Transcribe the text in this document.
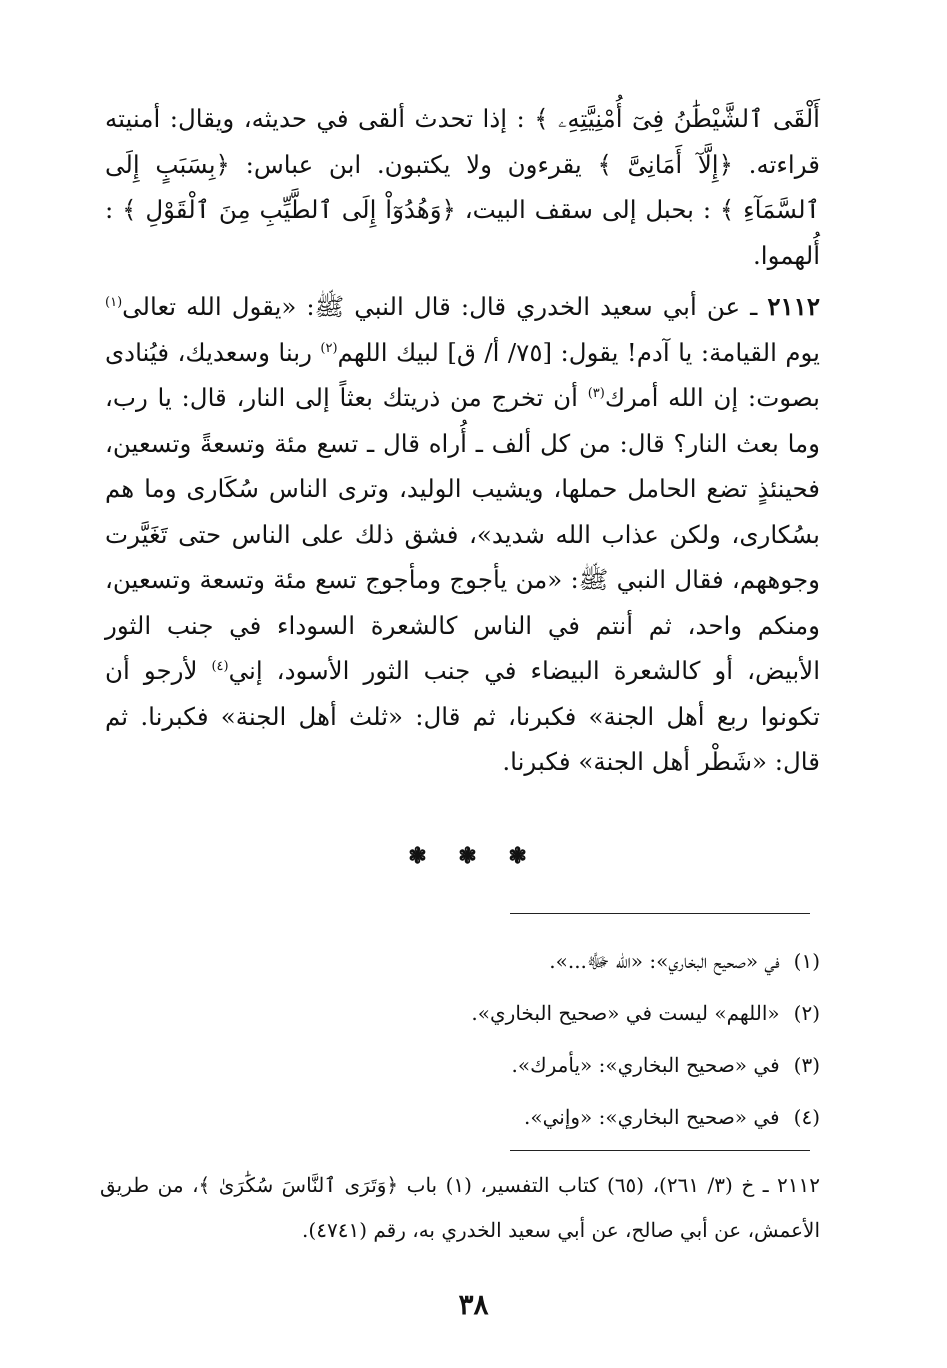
أَلْقَى ٱلشَّيْطَٰنُ فِىٓ أُمْنِيَّتِهِۦ ﴾ : إذا تحدث ألقى في حديثه، ويقال: أمنيته قراءته. ﴿إِلَّآ أَمَانِىَّ ﴾ يقرءون ولا يكتبون. ابن عباس: ﴿بِسَبَبٍ إِلَى ٱلسَّمَآءِ ﴾ : بحبل إلى سقف البيت، ﴿وَهُدُوٓاْ إِلَى ٱلطَّيِّبِ مِنَ ٱلْقَوْلِ ﴾ : أُلهموا.

٢١١٢ ـ عن أبي سعيد الخدري قال: قال النبي ﷺ: «يقول الله تعالى$^{(١)}$ يوم القيامة: يا آدم! يقول: [٧٥/ أ/ ق] لبيك اللهم$^{(٢)}$ ربنا وسعديك، فيُنادى بصوت: إن الله أمرك$^{(٣)}$ أن تخرج من ذريتك بعثاً إلى النار، قال: يا رب، وما بعث النار؟ قال: من كل ألف ـ أُراه قال ـ تسع مئة وتسعةً وتسعين، فحينئذٍ تضع الحامل حملها، ويشيب الوليد، وترى الناس سُكَارى وما هم بسُكارى، ولكن عذاب الله شديد»، فشق ذلك على الناس حتى تَغَيَّرت وجوههم، فقال النبي ﷺ: «من يأجوج ومأجوج تسع مئة وتسعة وتسعين، ومنكم واحد، ثم أنتم في الناس كالشعرة السوداء في جنب الثور الأبيض، أو كالشعرة البيضاء في جنب الثور الأسود، إني$^{(٤)}$ لأرجو أن تكونوا ربع أهل الجنة» فكبرنا، ثم قال: «ثلث أهل الجنة» فكبرنا. ثم قال: «شَطْر أهل الجنة» فكبرنا.

❃ ❃ ❃
(١)في «صحيح البخاري»: «الله ﷻ...».
(٢)«اللهم» ليست في «صحيح البخاري».
(٣)في «صحيح البخاري»: «يأمرك».
(٤)في «صحيح البخاري»: «وإني».

٢١١٢ ـ خ (٣/ ٢٦١)، (٦٥) كتاب التفسير، (١) باب ﴿وَتَرَى ٱلنَّاسَ سُكَٰرَىٰ ﴾، من طريق الأعمش، عن أبي صالح، عن أبي سعيد الخدري به، رقم (٤٧٤١).

٣٨
